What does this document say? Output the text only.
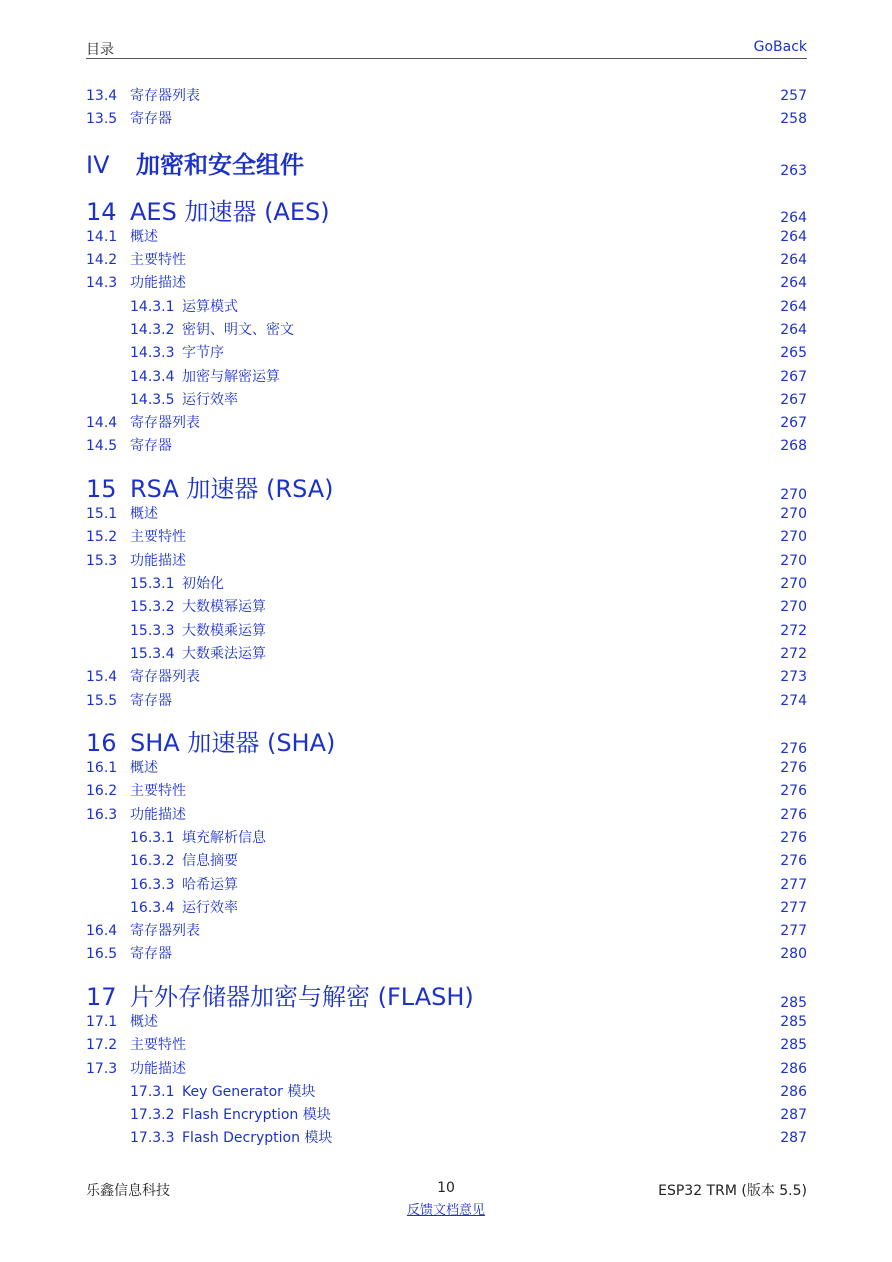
目录	GoBack
13.4 寄存器列表	257
13.5 寄存器	258
IV 加密和安全组件	263
14 AES 加速器 (AES)	264
14.1 概述	264
14.2 主要特性	264
14.3 功能描述	264
14.3.1 运算模式	264
14.3.2 密钥、明文、密文	264
14.3.3 字节序	265
14.3.4 加密与解密运算	267
14.3.5 运行效率	267
14.4 寄存器列表	267
14.5 寄存器	268
15 RSA 加速器 (RSA)	270
15.1 概述	270
15.2 主要特性	270
15.3 功能描述	270
15.3.1 初始化	270
15.3.2 大数模幂运算	270
15.3.3 大数模乘运算	272
15.3.4 大数乘法运算	272
15.4 寄存器列表	273
15.5 寄存器	274
16 SHA 加速器 (SHA)	276
16.1 概述	276
16.2 主要特性	276
16.3 功能描述	276
16.3.1 填充解析信息	276
16.3.2 信息摘要	276
16.3.3 哈希运算	277
16.3.4 运行效率	277
16.4 寄存器列表	277
16.5 寄存器	280
17 片外存储器加密与解密 (FLASH)	285
17.1 概述	285
17.2 主要特性	285
17.3 功能描述	286
17.3.1 Key Generator 模块	286
17.3.2 Flash Encryption 模块	287
17.3.3 Flash Decryption 模块	287
乐鑫信息科技	10
反馈文档意见
ESP32 TRM (版本 5.5)
